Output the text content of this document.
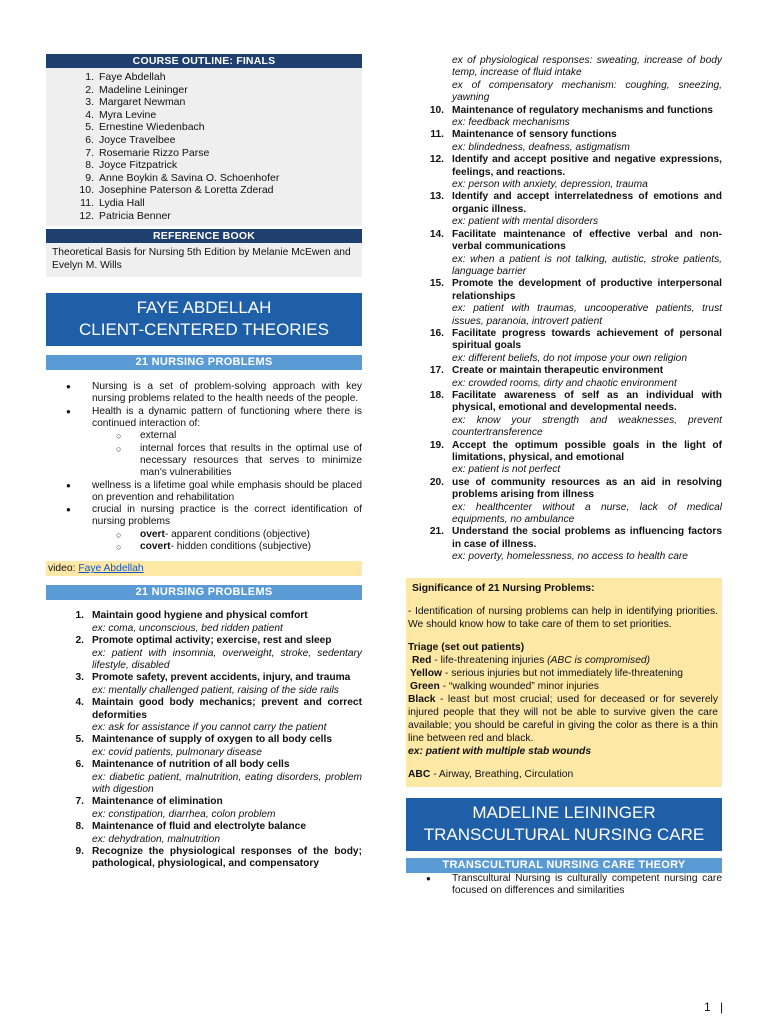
COURSE OUTLINE: FINALS
1. Faye Abdellah
2. Madeline Leininger
3. Margaret Newman
4. Myra Levine
5. Ernestine Wiedenbach
6. Joyce Travelbee
7. Rosemarie Rizzo Parse
8. Joyce Fitzpatrick
9. Anne Boykin & Savina O. Schoenhofer
10. Josephine Paterson & Loretta Zderad
11. Lydia Hall
12. Patricia Benner
REFERENCE BOOK
Theoretical Basis for Nursing 5th Edition by Melanie McEwen and Evelyn M. Wills
FAYE ABDELLAH
CLIENT-CENTERED THEORIES
21 NURSING PROBLEMS
● Nursing is a set of problem-solving approach with key nursing problems related to the health needs of the people.
● Health is a dynamic pattern of functioning where there is continued interaction of:
○ external
○ internal forces that results in the optimal use of necessary resources that serves to minimize man's vulnerabilities
● wellness is a lifetime goal while emphasis should be placed on prevention and rehabilitation
● crucial in nursing practice is the correct identification of nursing problems
○ overt- apparent conditions (objective)
○ covert- hidden conditions (subjective)
video: Faye Abdellah
21 NURSING PROBLEMS
1. Maintain good hygiene and physical comfort
ex: coma, unconscious, bed ridden patient
2. Promote optimal activity; exercise, rest and sleep
ex: patient with insomnia, overweight, stroke, sedentary lifestyle, disabled
3. Promote safety, prevent accidents, injury, and trauma
ex: mentally challenged patient, raising of the side rails
4. Maintain good body mechanics; prevent and correct deformities
ex: ask for assistance if you cannot carry the patient
5. Maintenance of supply of oxygen to all body cells
ex: covid patients, pulmonary disease
6. Maintenance of nutrition of all body cells
ex: diabetic patient, malnutrition, eating disorders, problem with digestion
7. Maintenance of elimination
ex: constipation, diarrhea, colon problem
8. Maintenance of fluid and electrolyte balance
ex: dehydration, malnutrition
9. Recognize the physiological responses of the body; pathological, physiological, and compensatory
ex of physiological responses: sweating, increase of body temp, increase of fluid intake
ex of compensatory mechanism: coughing, sneezing, yawning
10. Maintenance of regulatory mechanisms and functions
ex: feedback mechanisms
11. Maintenance of sensory functions
ex: blindedness, deafness, astigmatism
12. Identify and accept positive and negative expressions, feelings, and reactions.
ex: person with anxiety, depression, trauma
13. Identify and accept interrelatedness of emotions and organic illness.
ex: patient with mental disorders
14. Facilitate maintenance of effective verbal and non-verbal communications
ex: when a patient is not talking, autistic, stroke patients, language barrier
15. Promote the development of productive interpersonal relationships
ex: patient with traumas, uncooperative patients, trust issues, paranoia, introvert patient
16. Facilitate progress towards achievement of personal spiritual goals
ex: different beliefs, do not impose your own religion
17. Create or maintain therapeutic environment
ex: crowded rooms, dirty and chaotic environment
18. Facilitate awareness of self as an individual with physical, emotional and developmental needs.
ex: know your strength and weaknesses, prevent countertransference
19. Accept the optimum possible goals in the light of limitations, physical, and emotional
ex: patient is not perfect
20. use of community resources as an aid in resolving problems arising from illness
ex: healthcenter without a nurse, lack of medical equipments, no ambulance
21. Understand the social problems as influencing factors in case of illness.
ex: poverty, homelessness, no access to health care

Significance of 21 Nursing Problems:

- Identification of nursing problems can help in identifying priorities. We should know how to take care of them to set priorities.

Triage (set out patients)

Red - life-threatening injuries (ABC is compromised)

Yellow - serious injuries but not immediately life-threatening

Green - “walking wounded” minor injuries

Black - least but most crucial; used for deceased or for severely injured people that they will not be able to survive given the care available; you should be careful in giving the color as there is a thin line between red and black.

ex: patient with multiple stab wounds

ABC - Airway, Breathing, Circulation

MADELINE LEININGER
TRANSCULTURAL NURSING CARE
TRANSCULTURAL NURSING CARE THEORY
● Transcultural Nursing is culturally competent nursing care focused on differences and similarities
1 |
